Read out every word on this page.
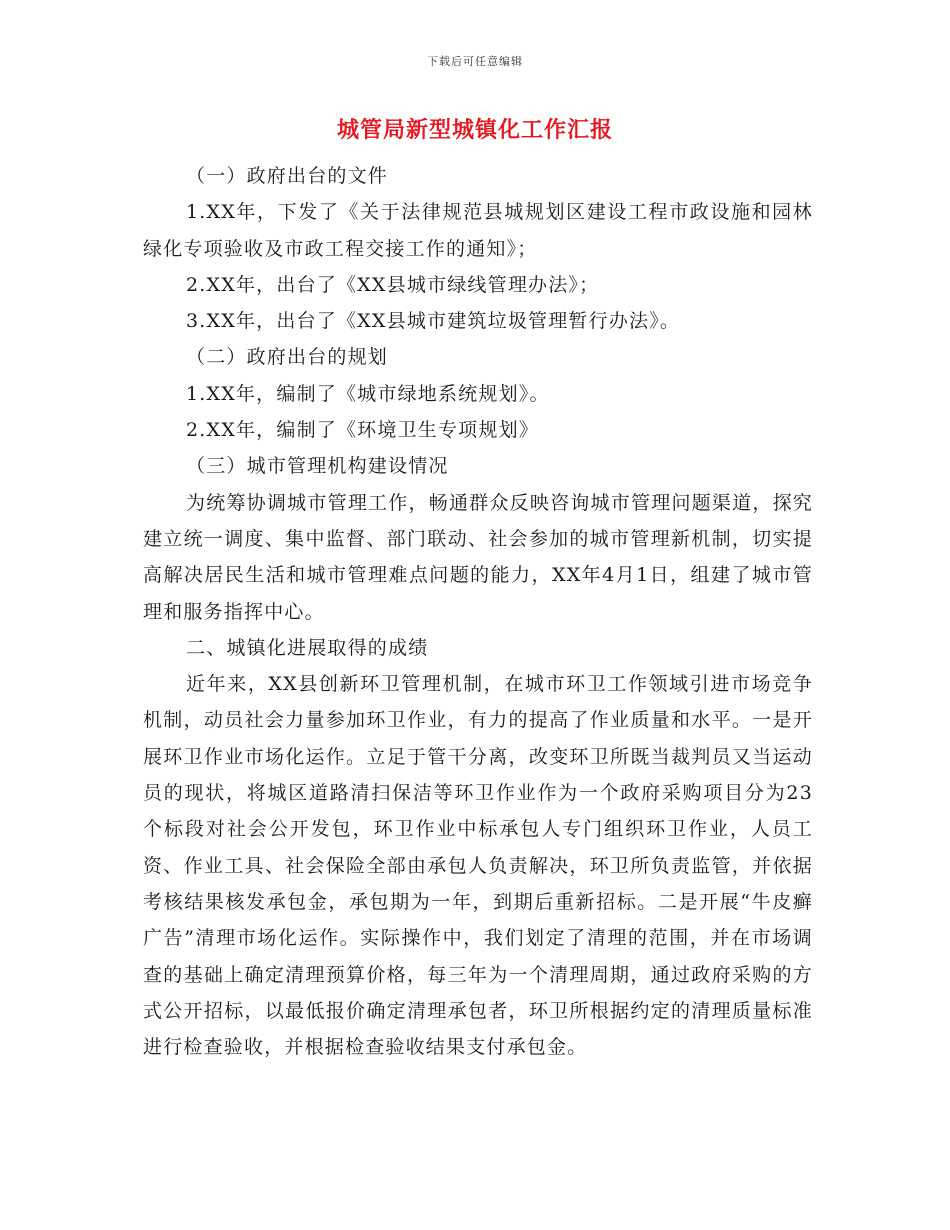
下载后可任意编辑
城管局新型城镇化工作汇报

（一）政府出台的文件

1.XX年，下发了《关于法律规范县城规划区建设工程市政设施和园林绿化专项验收及市政工程交接工作的通知》；

2.XX年，出台了《XX县城市绿线管理办法》；

3.XX年，出台了《XX县城市建筑垃圾管理暂行办法》。

（二）政府出台的规划

1.XX年，编制了《城市绿地系统规划》。

2.XX年，编制了《环境卫生专项规划》

（三）城市管理机构建设情况

为统筹协调城市管理工作，畅通群众反映咨询城市管理问题渠道，探究建立统一调度、集中监督、部门联动、社会参加的城市管理新机制，切实提高解决居民生活和城市管理难点问题的能力，XX年4月1日，组建了城市管理和服务指挥中心。

二、城镇化进展取得的成绩

近年来，XX县创新环卫管理机制，在城市环卫工作领域引进市场竞争机制，动员社会力量参加环卫作业，有力的提高了作业质量和水平。一是开展环卫作业市场化运作。立足于管干分离，改变环卫所既当裁判员又当运动员的现状，将城区道路清扫保洁等环卫作业作为一个政府采购项目分为23个标段对社会公开发包，环卫作业中标承包人专门组织环卫作业，人员工资、作业工具、社会保险全部由承包人负责解决，环卫所负责监管，并依据考核结果核发承包金，承包期为一年，到期后重新招标。二是开展“牛皮癣广告”清理市场化运作。实际操作中，我们划定了清理的范围，并在市场调查的基础上确定清理预算价格，每三年为一个清理周期，通过政府采购的方式公开招标，以最低报价确定清理承包者，环卫所根据约定的清理质量标准进行检查验收，并根据检查验收结果支付承包金。
